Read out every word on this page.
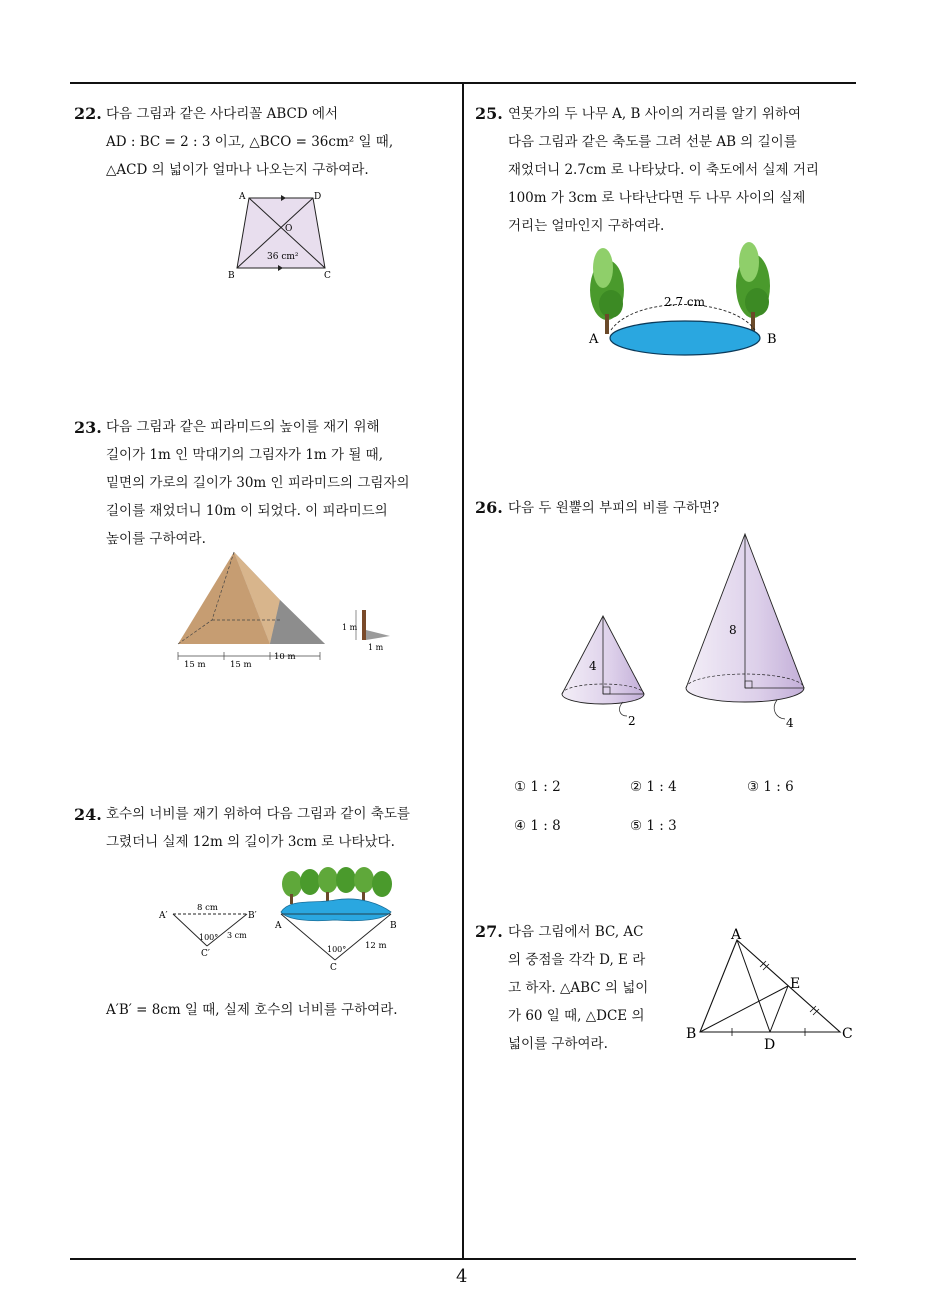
22. 다음 그림과 같은 사다리꼴 ABCD 에서
AD : BC = 2 : 3 이고, △BCO = 36cm² 일 때,
△ACD 의 넓이가 얼마나 나오는지 구하여라.
A	D
O
36 cm²
B	C
23. 다음 그림과 같은 피라미드의 높이를 재기 위해
길이가 1m 인 막대기의 그림자가 1m 가 될 때,
밑면의 가로의 길이가 30m 인 피라미드의 그림자의
길이를 재었더니 10m 이 되었다. 이 피라미드의
높이를 구하여라.
15 m	15 m
10 m
1 m
1 m
24. 호수의 너비를 재기 위하여 다음 그림과 같이 축도를
그렸더니 실제 12m 의 길이가 3cm 로 나타났다.
A′	B′
8 cm
100° 3 cm
C′
A	B
100° 12 m
C
A′B′ = 8cm 일 때, 실제 호수의 너비를 구하여라.
25. 연못가의 두 나무 A, B 사이의 거리를 알기 위하여
다음 그림과 같은 축도를 그려 선분 AB 의 길이를
재었더니 2.7cm 로 나타났다. 이 축도에서 실제 거리
100m 가 3cm 로 나타난다면 두 나무 사이의 실제
거리는 얼마인지 구하여라.
2.7 cm
A	B
26. 다음 두 원뿔의 부피의 비를 구하면?
4
2
8
4
① 1 : 2	② 1 : 4	③ 1 : 6
④ 1 : 8	⑤ 1 : 3
27. 다음 그림에서 BC, AC
의 중점을 각각 D, E 라
고 하자. △ABC 의 넓이
가 60 일 때, △DCE 의
넓이를 구하여라.
A
E
B	C
D
4
